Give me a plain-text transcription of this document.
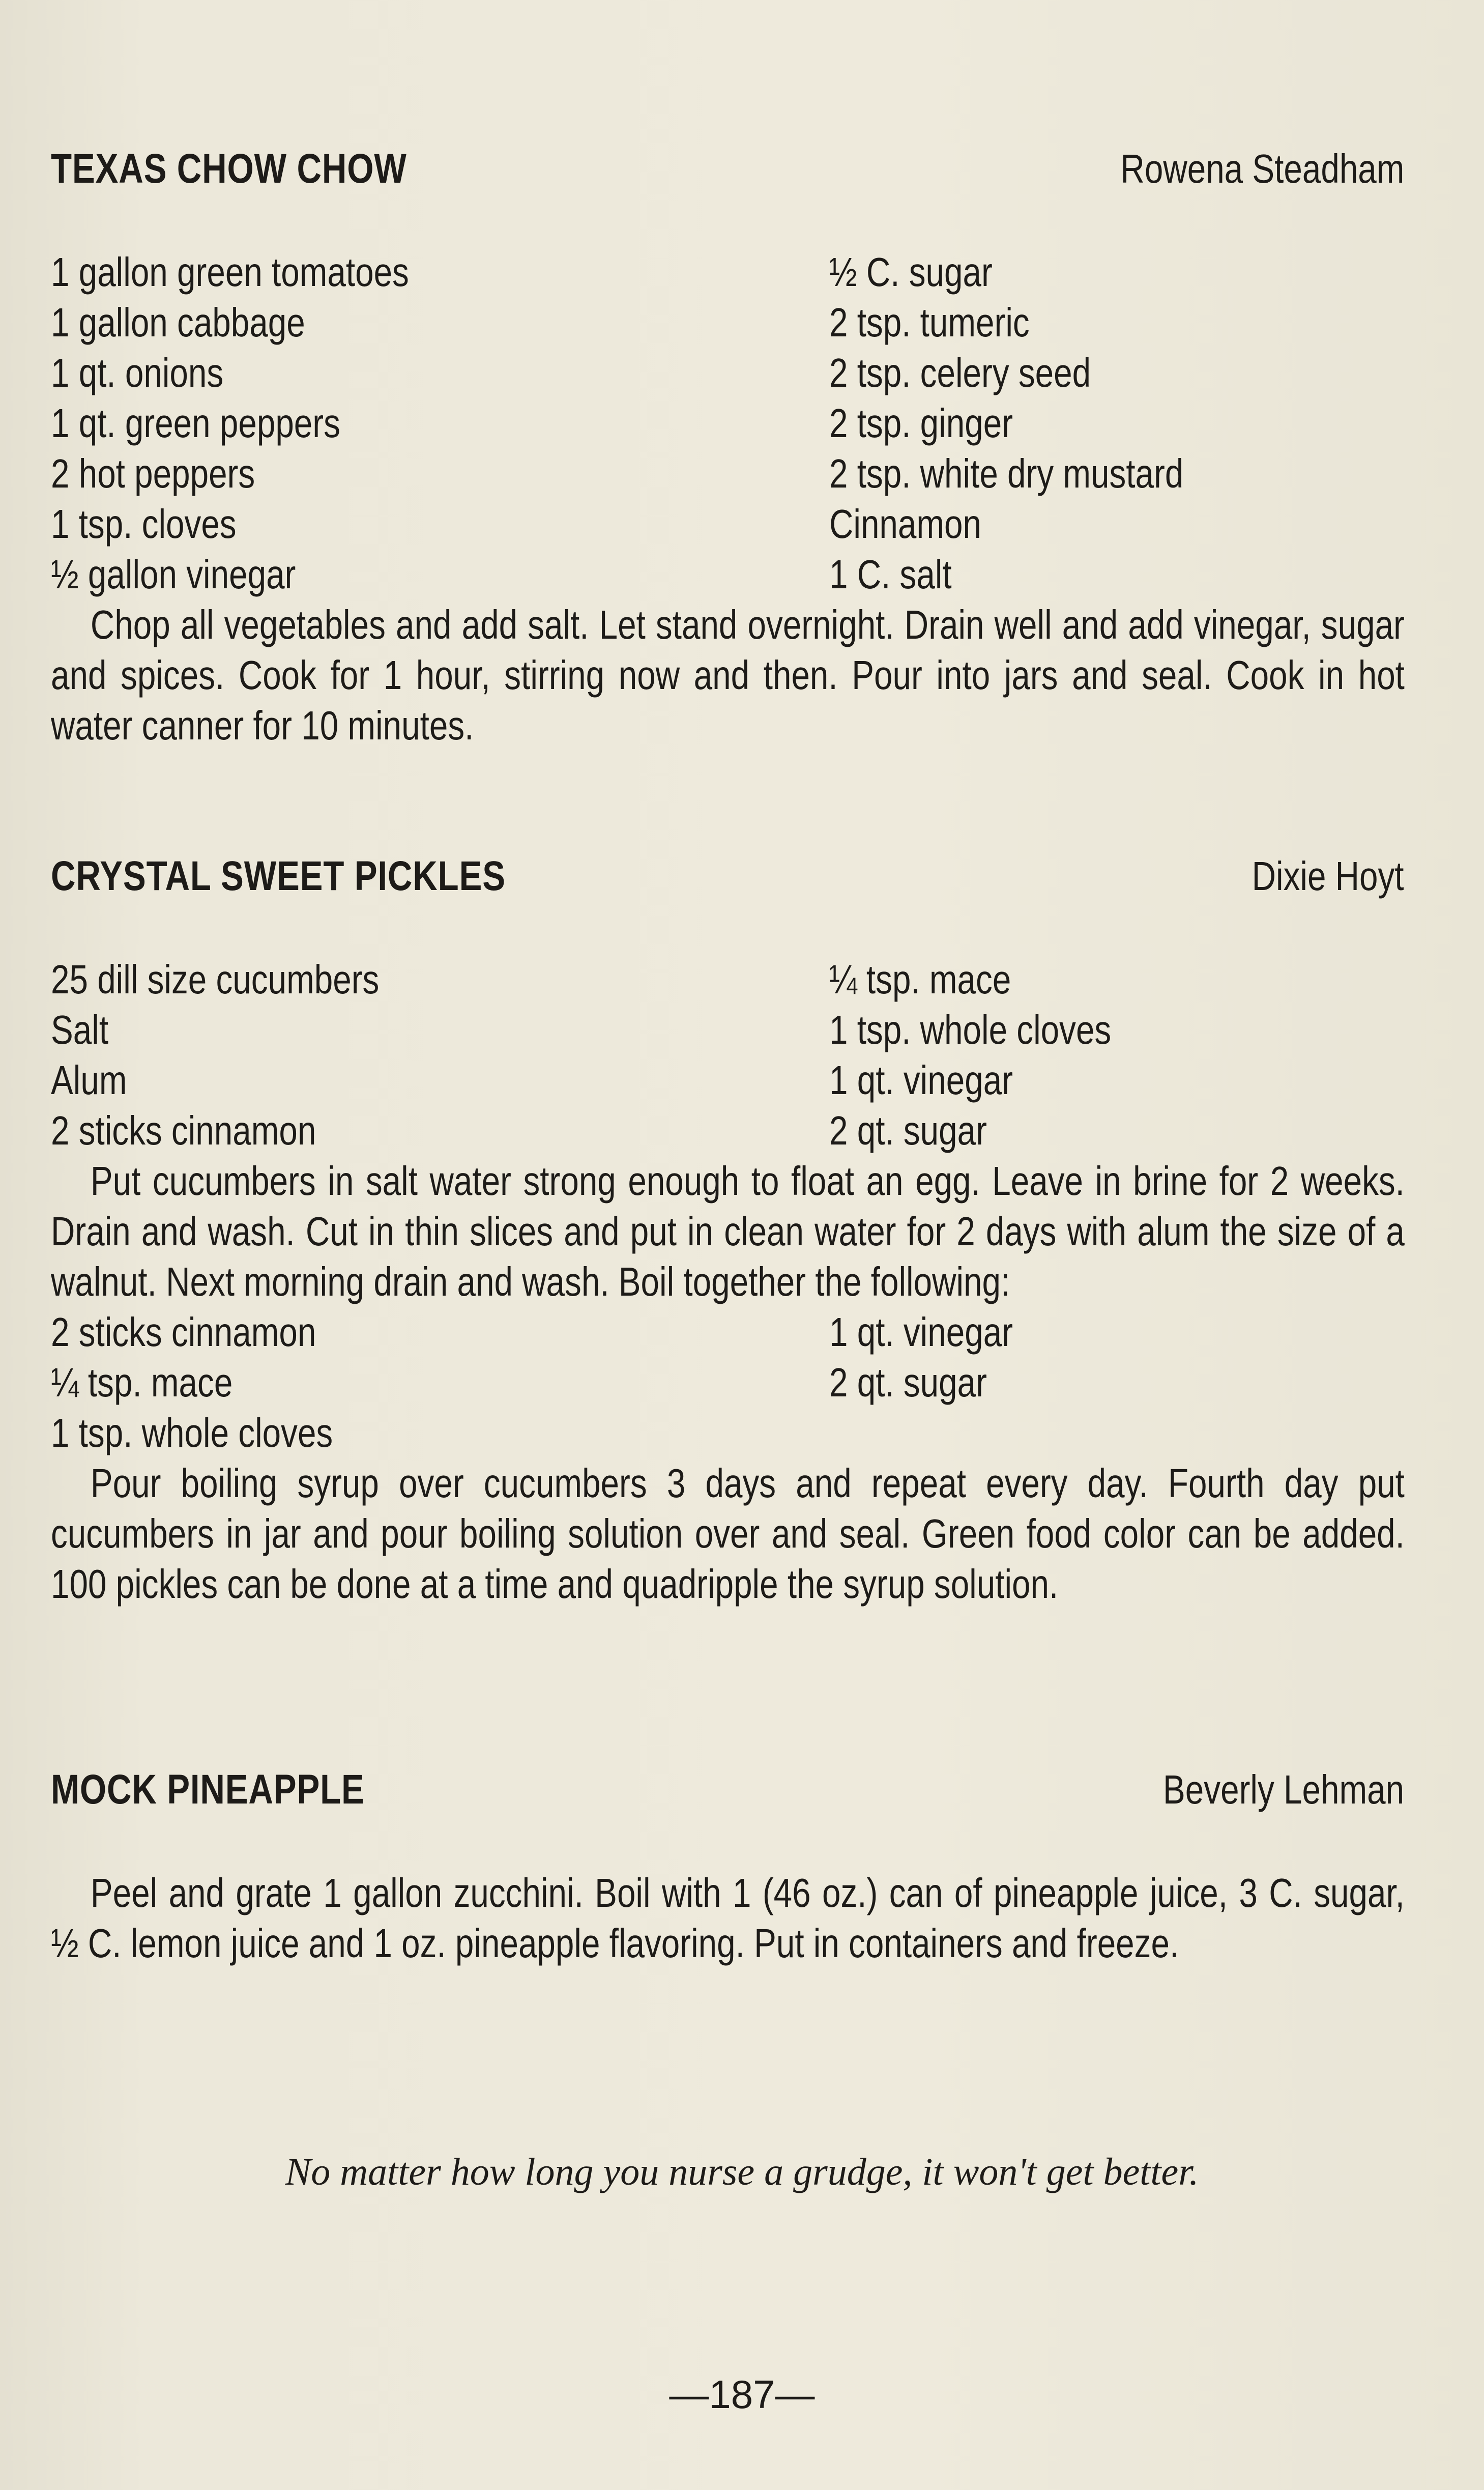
TEXAS CHOW CHOW	Rowena Steadham
1 gallon green tomatoes
1 gallon cabbage
1 qt. onions
1 qt. green peppers
2 hot peppers
1 tsp. cloves
½ gallon vinegar
½ C. sugar
2 tsp. tumeric
2 tsp. celery seed
2 tsp. ginger
2 tsp. white dry mustard
Cinnamon
1 C. salt

Chop all vegetables and add salt. Let stand overnight. Drain well and add vinegar, sugar and spices. Cook for 1 hour, stirring now and then. Pour into jars and seal. Cook in hot water canner for 10 minutes.

CRYSTAL SWEET PICKLES	Dixie Hoyt
25 dill size cucumbers
Salt
Alum
2 sticks cinnamon
¼ tsp. mace
1 tsp. whole cloves
1 qt. vinegar
2 qt. sugar

Put cucumbers in salt water strong enough to float an egg. Leave in brine for 2 weeks. Drain and wash. Cut in thin slices and put in clean water for 2 days with alum the size of a walnut. Next morning drain and wash. Boil together the following:

2 sticks cinnamon
¼ tsp. mace
1 tsp. whole cloves
1 qt. vinegar
2 qt. sugar

Pour boiling syrup over cucumbers 3 days and repeat every day. Fourth day put cucumbers in jar and pour boiling solution over and seal. Green food color can be added. 100 pickles can be done at a time and quadripple the syrup solution.

MOCK PINEAPPLE	Beverly Lehman

Peel and grate 1 gallon zucchini. Boil with 1 (46 oz.) can of pineapple juice, 3 C. sugar, ½ C. lemon juice and 1 oz. pineapple flavoring. Put in containers and freeze.

No matter how long you nurse a grudge, it won't get better.
—187—
